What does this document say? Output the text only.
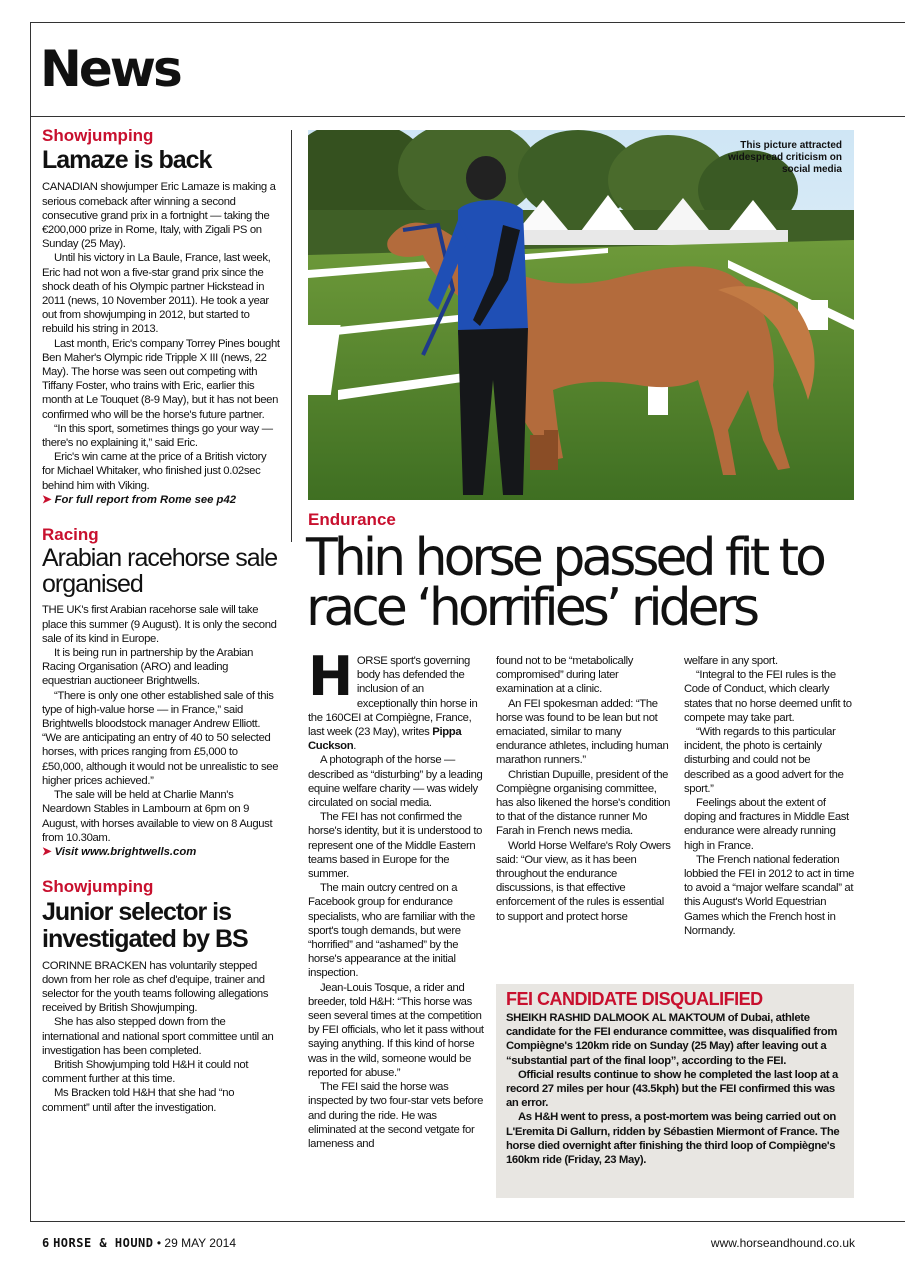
News
Showjumping
Lamaze is back

CANADIAN showjumper Eric Lamaze is making a serious comeback after winning a second consecutive grand prix in a fortnight — taking the €200,000 prize in Rome, Italy, with Zigali PS on Sunday (25 May).

Until his victory in La Baule, France, last week, Eric had not won a five-star grand prix since the shock death of his Olympic partner Hickstead in 2011 (news, 10 November 2011). He took a year out from showjumping in 2012, but started to rebuild his string in 2013.

Last month, Eric's company Torrey Pines bought Ben Maher's Olympic ride Tripple X III (news, 22 May). The horse was seen out competing with Tiffany Foster, who trains with Eric, earlier this month at Le Touquet (8-9 May), but it has not been confirmed who will be the horse's future partner.

“In this sport, sometimes things go your way — there's no explaining it,” said Eric.

Eric's win came at the price of a British victory for Michael Whitaker, who finished just 0.02sec behind him with Viking.

➤ For full report from Rome see p42
Racing
Arabian racehorse sale organised

THE UK's first Arabian racehorse sale will take place this summer (9 August). It is only the second sale of its kind in Europe.

It is being run in partnership by the Arabian Racing Organisation (ARO) and leading equestrian auctioneer Brightwells.

“There is only one other established sale of this type of high-value horse — in France,” said Brightwells bloodstock manager Andrew Elliott. “We are anticipating an entry of 40 to 50 selected horses, with prices ranging from £5,000 to £50,000, although it would not be unrealistic to see higher prices achieved.”

The sale will be held at Charlie Mann's Neardown Stables in Lambourn at 6pm on 9 August, with horses available to view on 8 August from 10.30am.

➤ Visit www.brightwells.com
Showjumping
Junior selector is investigated by BS

CORINNE BRACKEN has voluntarily stepped down from her role as chef d'equipe, trainer and selector for the youth teams following allegations received by British Showjumping.

She has also stepped down from the international and national sport committee until an investigation has been completed.

British Showjumping told H&H it could not comment further at this time.

Ms Bracken told H&H that she had “no comment” until after the investigation.

This picture attracted widespread criticism on social media
Endurance
Thin horse passed fit to race ‘horrifies’ riders

HORSE sport's governing body has defended the inclusion of an exceptionally thin horse in the 160CEI at Compiègne, France, last week (23 May), writes Pippa Cuckson.

A photograph of the horse — described as “disturbing” by a leading equine welfare charity — was widely circulated on social media.

The FEI has not confirmed the horse's identity, but it is understood to represent one of the Middle Eastern teams based in Europe for the summer.

The main outcry centred on a Facebook group for endurance specialists, who are familiar with the sport's tough demands, but were “horrified” and “ashamed” by the horse's appearance at the initial inspection.

Jean-Louis Tosque, a rider and breeder, told H&H: “This horse was seen several times at the competition by FEI officials, who let it pass without saying anything. If this kind of horse was in the wild, someone would be reported for abuse.”

The FEI said the horse was inspected by two four-star vets before and during the ride. He was eliminated at the second vetgate for lameness and

found not to be “metabolically compromised” during later examination at a clinic.

An FEI spokesman added: “The horse was found to be lean but not emaciated, similar to many endurance athletes, including human marathon runners.”

Christian Dupuille, president of the Compiègne organising committee, has also likened the horse's condition to that of the distance runner Mo Farah in French news media.

World Horse Welfare's Roly Owers said: “Our view, as it has been throughout the endurance discussions, is that effective enforcement of the rules is essential to support and protect horse

welfare in any sport.

“Integral to the FEI rules is the Code of Conduct, which clearly states that no horse deemed unfit to compete may take part.

“With regards to this particular incident, the photo is certainly disturbing and could not be described as a good advert for the sport.”

Feelings about the extent of doping and fractures in Middle East endurance were already running high in France.

The French national federation lobbied the FEI in 2012 to act in time to avoid a “major welfare scandal” at this August's World Equestrian Games which the French host in Normandy.

FEI CANDIDATE DISQUALIFIED

SHEIKH RASHID DALMOOK AL MAKTOUM of Dubai, athlete candidate for the FEI endurance committee, was disqualified from Compiègne's 120km ride on Sunday (25 May) after leaving out a “substantial part of the final loop”, according to the FEI.

Official results continue to show he completed the last loop at a record 27 miles per hour (43.5kph) but the FEI confirmed this was an error.

As H&H went to press, a post-mortem was being carried out on L'Eremita Di Gallurn, ridden by Sébastien Miermont of France. The horse died overnight after finishing the third loop of Compiègne's 160km ride (Friday, 23 May).

6 HORSE & HOUND • 29 MAY 2014	www.horseandhound.co.uk
